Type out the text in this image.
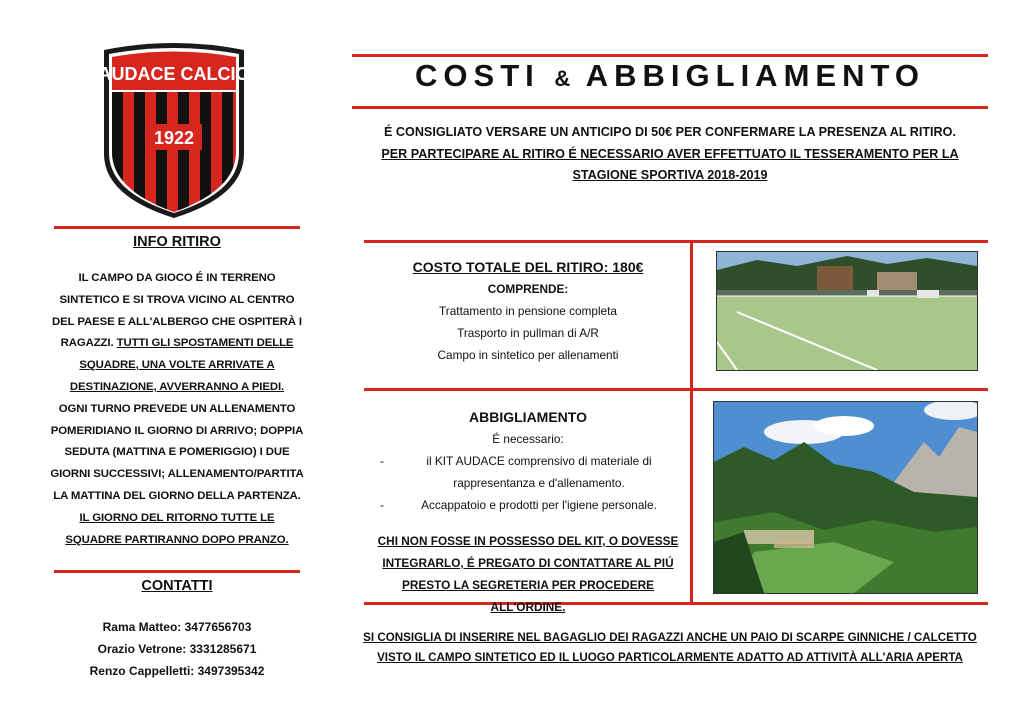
AUDACE CALCIO
1922
INFO RITIRO
IL CAMPO DA GIOCO É IN TERRENO SINTETICO E SI TROVA VICINO AL CENTRO DEL PAESE E ALL'ALBERGO CHE OSPITERÀ I RAGAZZI. TUTTI GLI SPOSTAMENTI DELLE SQUADRE, UNA VOLTE ARRIVATE A DESTINAZIONE, AVVERRANNO A PIEDI.
OGNI TURNO PREVEDE UN ALLENAMENTO POMERIDIANO IL GIORNO DI ARRIVO; DOPPIA SEDUTA (MATTINA E POMERIGGIO) I DUE GIORNI SUCCESSIVI; ALLENAMENTO/PARTITA LA MATTINA DEL GIORNO DELLA PARTENZA.
IL GIORNO DEL RITORNO TUTTE LE SQUADRE PARTIRANNO DOPO PRANZO.
CONTATTI
Rama Matteo: 3477656703
Orazio Vetrone: 3331285671
Renzo Cappelletti: 3497395342
COSTI & ABBIGLIAMENTO
É CONSIGLIATO VERSARE UN ANTICIPO DI 50€ PER CONFERMARE LA PRESENZA AL RITIRO.
PER PARTECIPARE AL RITIRO É NECESSARIO AVER EFFETTUATO IL TESSERAMENTO PER LA
STAGIONE SPORTIVA 2018-2019
COSTO TOTALE DEL RITIRO: 180€
COMPRENDE:
Trattamento in pensione completa
Trasporto in pullman di A/R
Campo in sintetico per allenamenti
ABBIGLIAMENTO
É necessario:
-	il KIT AUDACE comprensivo di materiale di rappresentanza e d'allenamento.
-	Accappatoio e prodotti per l'igiene personale.
CHI NON FOSSE IN POSSESSO DEL KIT, O DOVESSE INTEGRARLO, É PREGATO DI CONTATTARE AL PIÚ PRESTO LA SEGRETERIA PER PROCEDERE ALL'ORDINE.
SI CONSIGLIA DI INSERIRE NEL BAGAGLIO DEI RAGAZZI ANCHE UN PAIO DI SCARPE GINNICHE / CALCETTO
VISTO IL CAMPO SINTETICO ED IL LUOGO PARTICOLARMENTE ADATTO AD ATTIVITÀ ALL'ARIA APERTA
